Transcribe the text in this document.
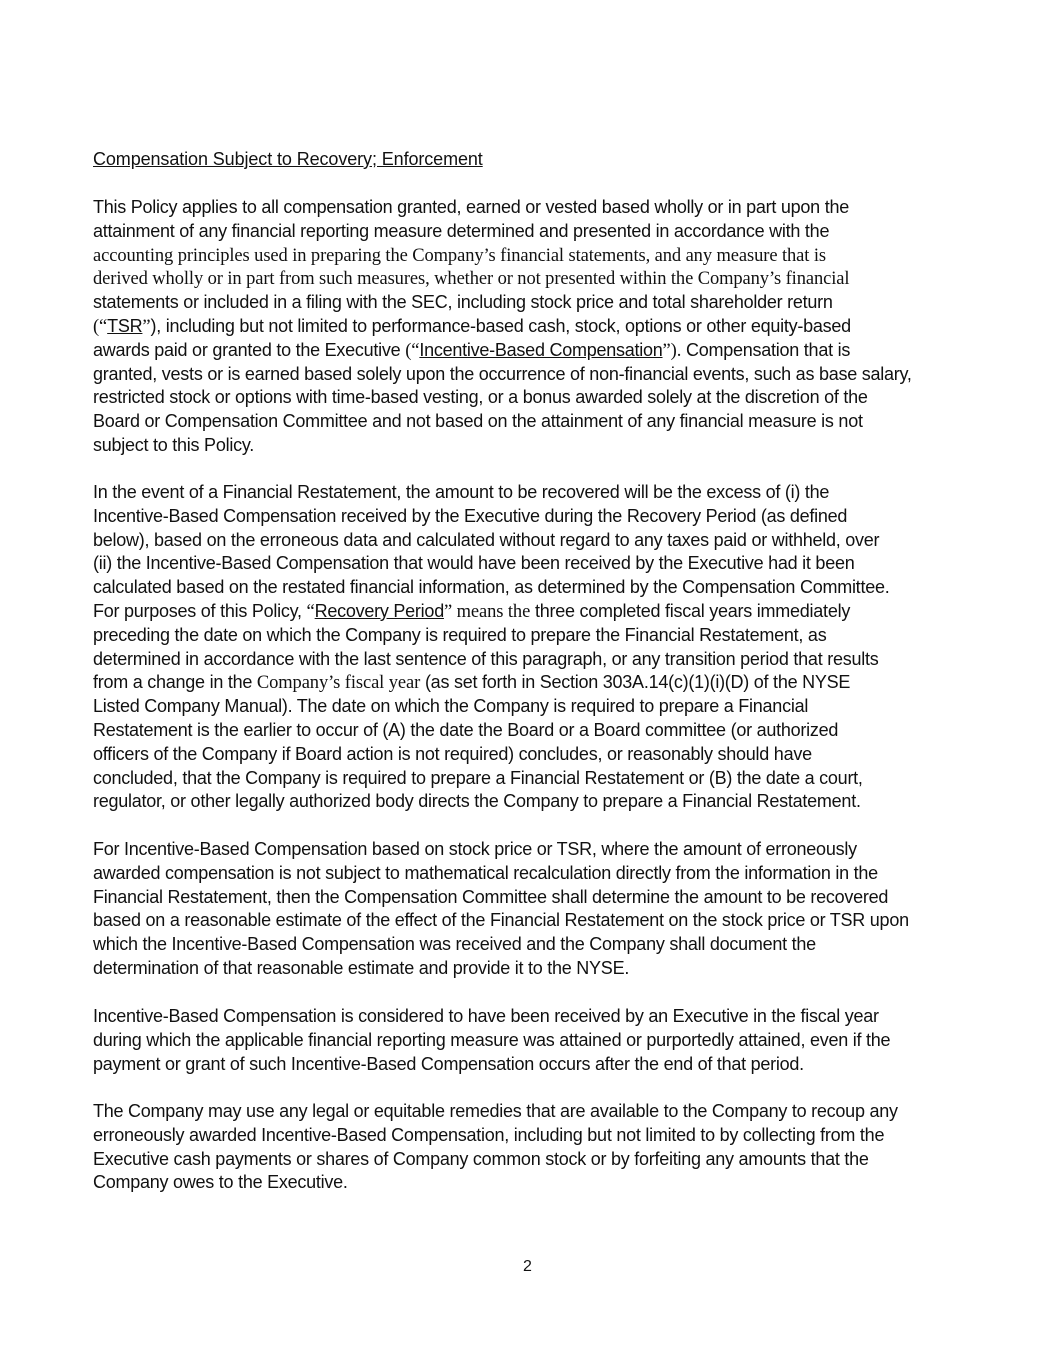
Compensation Subject to Recovery; Enforcement
This Policy applies to all compensation granted, earned or vested based wholly or in part upon the
attainment of any financial reporting measure determined and presented in accordance with the
accounting principles used in preparing the Company’s financial statements, and any measure that is
derived wholly or in part from such measures, whether or not presented within the Company’s financial
statements or included in a filing with the SEC, including stock price and total shareholder return
(“TSR”), including but not limited to performance-based cash, stock, options or other equity-based
awards paid or granted to the Executive (“Incentive-Based Compensation”). Compensation that is
granted, vests or is earned based solely upon the occurrence of non-financial events, such as base salary,
restricted stock or options with time-based vesting, or a bonus awarded solely at the discretion of the
Board or Compensation Committee and not based on the attainment of any financial measure is not
subject to this Policy.
In the event of a Financial Restatement, the amount to be recovered will be the excess of (i) the
Incentive-Based Compensation received by the Executive during the Recovery Period (as defined
below), based on the erroneous data and calculated without regard to any taxes paid or withheld, over
(ii) the Incentive-Based Compensation that would have been received by the Executive had it been
calculated based on the restated financial information, as determined by the Compensation Committee.
For purposes of this Policy, “Recovery Period” means the three completed fiscal years immediately
preceding the date on which the Company is required to prepare the Financial Restatement, as
determined in accordance with the last sentence of this paragraph, or any transition period that results
from a change in the Company’s fiscal year (as set forth in Section 303A.14(c)(1)(i)(D) of the NYSE
Listed Company Manual). The date on which the Company is required to prepare a Financial
Restatement is the earlier to occur of (A) the date the Board or a Board committee (or authorized
officers of the Company if Board action is not required) concludes, or reasonably should have
concluded, that the Company is required to prepare a Financial Restatement or (B) the date a court,
regulator, or other legally authorized body directs the Company to prepare a Financial Restatement.
For Incentive-Based Compensation based on stock price or TSR, where the amount of erroneously
awarded compensation is not subject to mathematical recalculation directly from the information in the
Financial Restatement, then the Compensation Committee shall determine the amount to be recovered
based on a reasonable estimate of the effect of the Financial Restatement on the stock price or TSR upon
which the Incentive-Based Compensation was received and the Company shall document the
determination of that reasonable estimate and provide it to the NYSE.
Incentive-Based Compensation is considered to have been received by an Executive in the fiscal year
during which the applicable financial reporting measure was attained or purportedly attained, even if the
payment or grant of such Incentive-Based Compensation occurs after the end of that period.
The Company may use any legal or equitable remedies that are available to the Company to recoup any
erroneously awarded Incentive-Based Compensation, including but not limited to by collecting from the
Executive cash payments or shares of Company common stock or by forfeiting any amounts that the
Company owes to the Executive.
2
